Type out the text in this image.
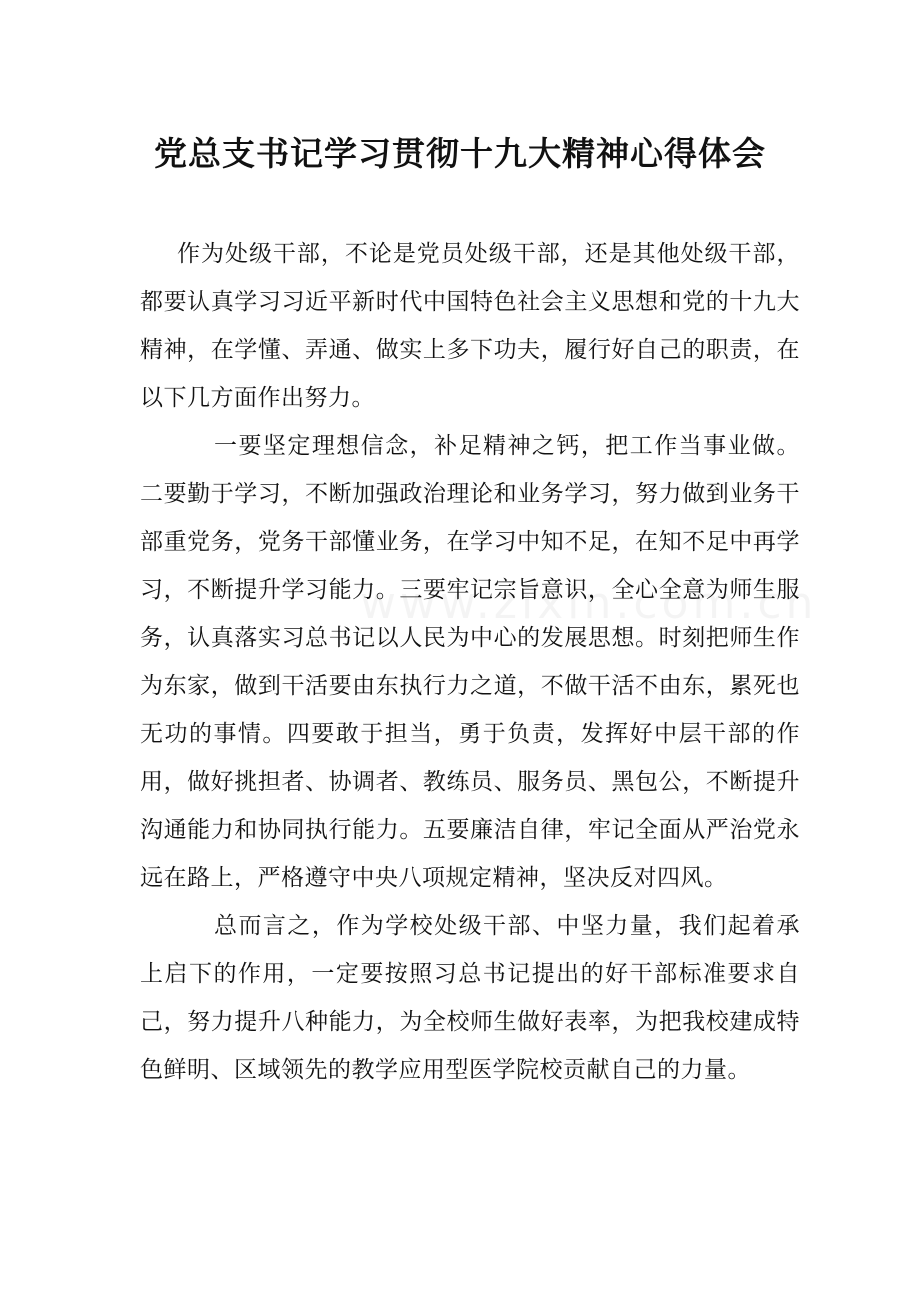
党总支书记学习贯彻十九大精神心得体会

作为处级干部，不论是党员处级干部，还是其他处级干部，都要认真学习习近平新时代中国特色社会主义思想和党的十九大精神，在学懂、弄通、做实上多下功夫，履行好自己的职责，在以下几方面作出努力。

一要坚定理想信念，补足精神之钙，把工作当事业做。二要勤于学习，不断加强政治理论和业务学习，努力做到业务干部重党务，党务干部懂业务，在学习中知不足，在知不足中再学习，不断提升学习能力。三要牢记宗旨意识，全心全意为师生服务，认真落实习总书记以人民为中心的发展思想。时刻把师生作为东家，做到干活要由东执行力之道，不做干活不由东，累死也无功的事情。四要敢于担当，勇于负责，发挥好中层干部的作用，做好挑担者、协调者、教练员、服务员、黑包公，不断提升沟通能力和协同执行能力。五要廉洁自律，牢记全面从严治党永远在路上，严格遵守中央八项规定精神，坚决反对四风。

总而言之，作为学校处级干部、中坚力量，我们起着承上启下的作用，一定要按照习总书记提出的好干部标准要求自己，努力提升八种能力，为全校师生做好表率，为把我校建成特色鲜明、区域领先的教学应用型医学院校贡献自己的力量。
